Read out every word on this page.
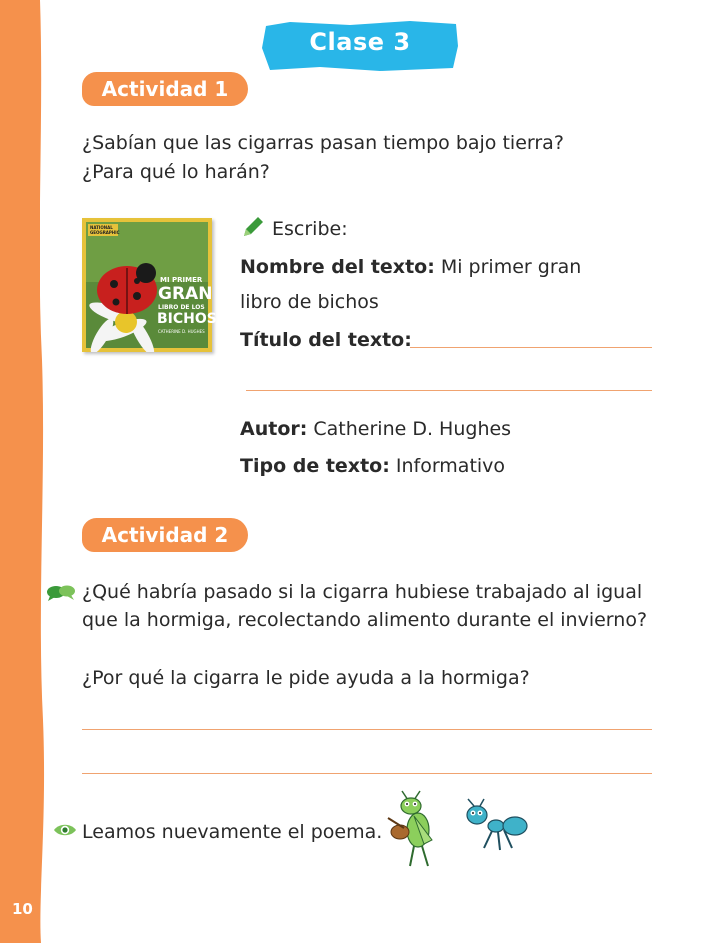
10
Clase 3
Actividad 1
¿Sabían que las cigarras pasan tiempo bajo tierra?
¿Para qué lo harán?
NATIONAL GEOGRAPHIC
MI PRIMER
GRAN
LIBRO DE LOS
BICHOS
CATHERINE D. HUGHES
Escribe:
Nombre del texto: Mi primer gran
libro de bichos
Título del texto:
Autor: Catherine D. Hughes
Tipo de texto: Informativo
Actividad 2
¿Qué habría pasado si la cigarra hubiese trabajado al igual
que la hormiga, recolectando alimento durante el invierno?
¿Por qué la cigarra le pide ayuda a la hormiga?
Leamos nuevamente el poema.
